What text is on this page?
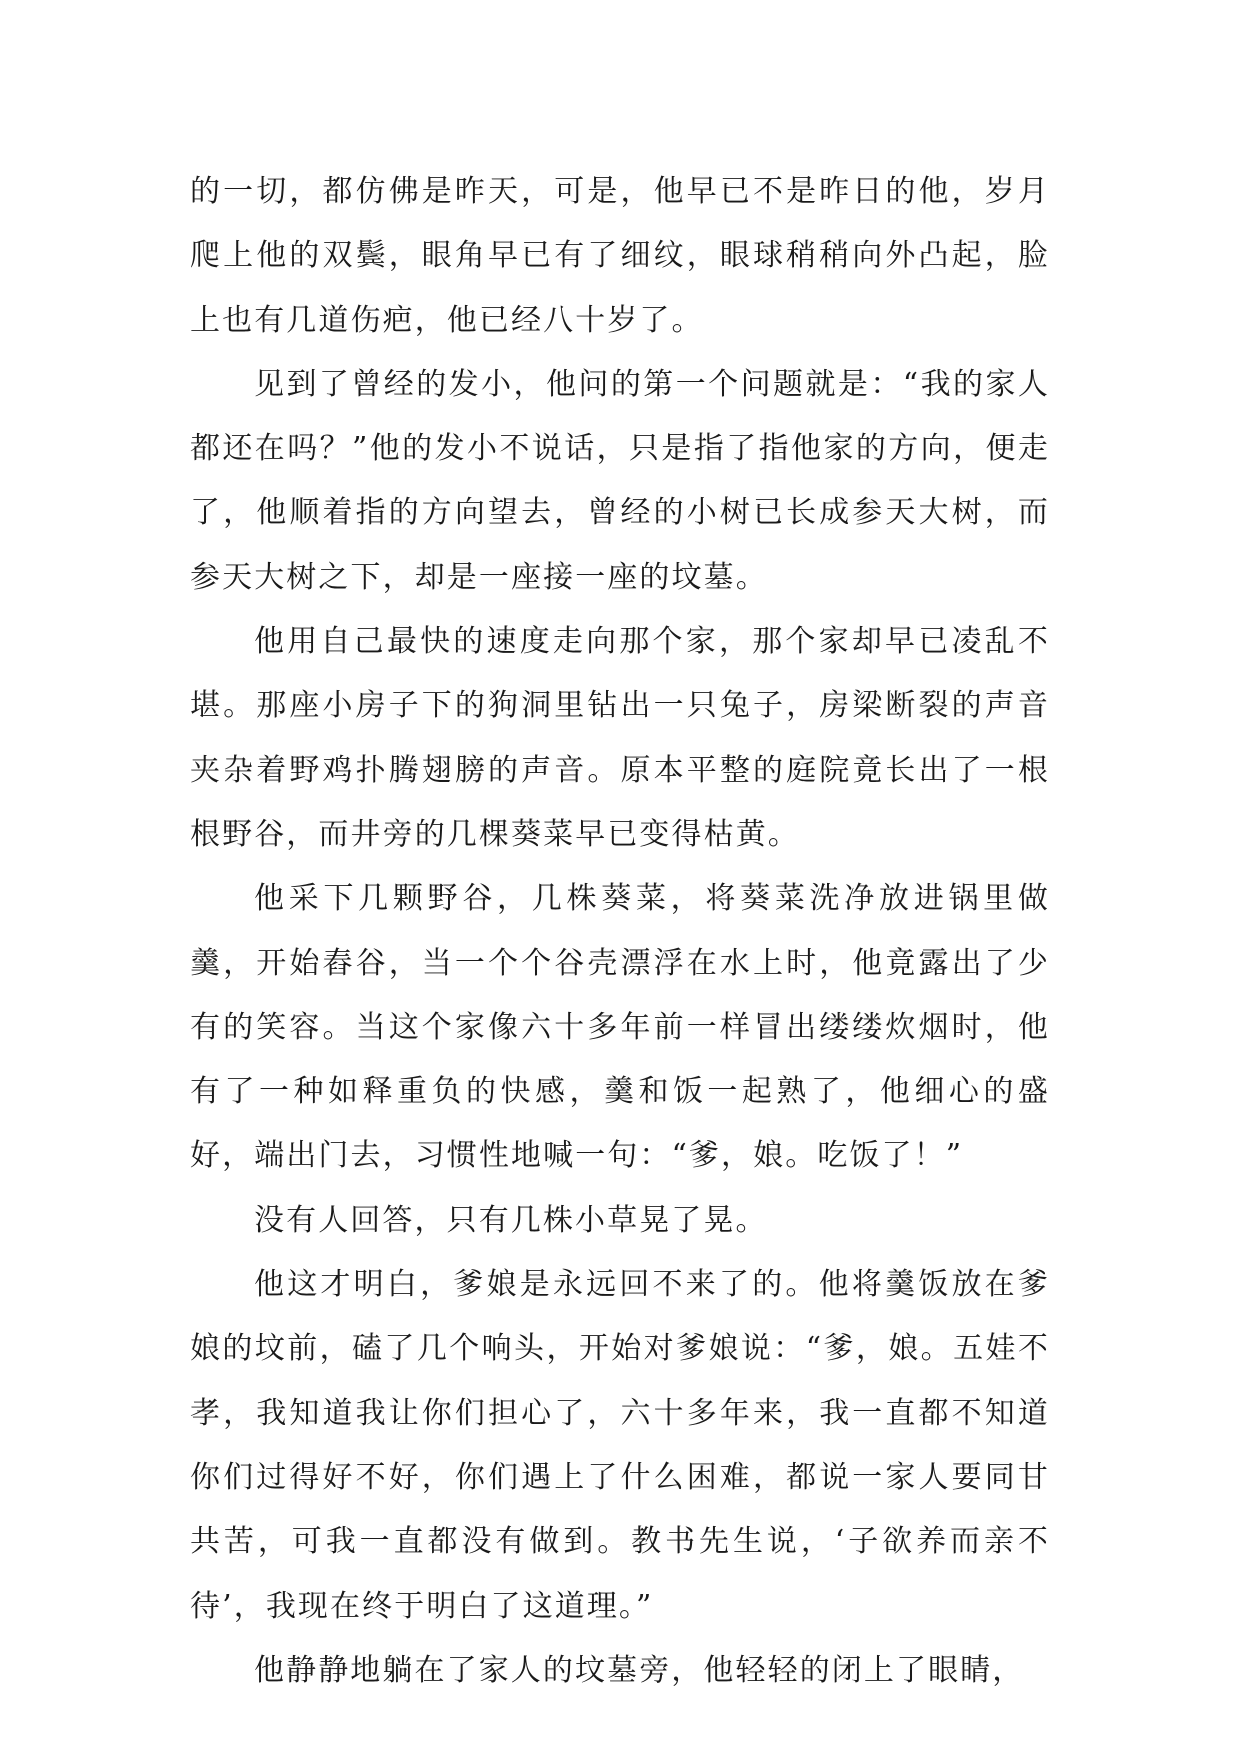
的一切，都仿佛是昨天，可是，他早已不是昨日的他，岁月爬上他的双鬓，眼角早已有了细纹，眼球稍稍向外凸起，脸上也有几道伤疤，他已经八十岁了。

见到了曾经的发小，他问的第一个问题就是：“我的家人都还在吗？”他的发小不说话，只是指了指他家的方向，便走了，他顺着指的方向望去，曾经的小树已长成参天大树，而参天大树之下，却是一座接一座的坟墓。

他用自己最快的速度走向那个家，那个家却早已凌乱不堪。那座小房子下的狗洞里钻出一只兔子，房梁断裂的声音夹杂着野鸡扑腾翅膀的声音。原本平整的庭院竟长出了一根根野谷，而井旁的几棵葵菜早已变得枯黄。

他采下几颗野谷，几株葵菜，将葵菜洗净放进锅里做羹，开始舂谷，当一个个谷壳漂浮在水上时，他竟露出了少有的笑容。当这个家像六十多年前一样冒出缕缕炊烟时，他有了一种如释重负的快感，羹和饭一起熟了，他细心的盛好，端出门去，习惯性地喊一句：“爹，娘。吃饭了！”

没有人回答，只有几株小草晃了晃。

他这才明白，爹娘是永远回不来了的。他将羹饭放在爹娘的坟前，磕了几个响头，开始对爹娘说：“爹，娘。五娃不孝，我知道我让你们担心了，六十多年来，我一直都不知道你们过得好不好，你们遇上了什么困难，都说一家人要同甘共苦，可我一直都没有做到。教书先生说，‘子欲养而亲不待’，我现在终于明白了这道理。”

他静静地躺在了家人的坟墓旁，他轻轻的闭上了眼睛，
